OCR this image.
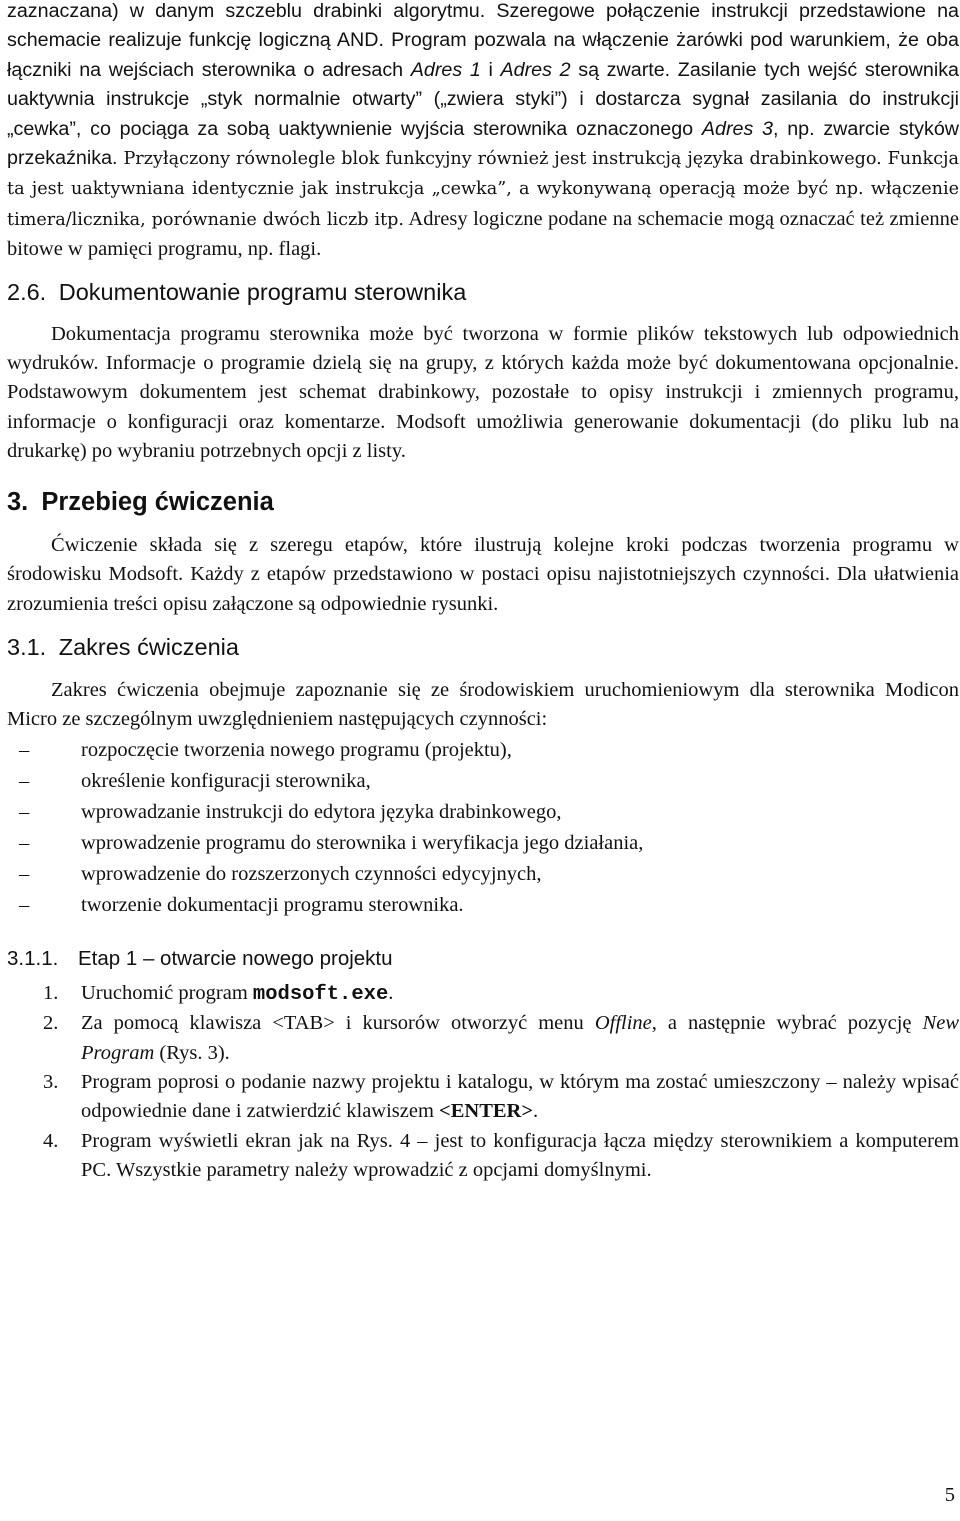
zaznaczana) w danym szczeblu drabinki algorytmu. Szeregowe połączenie instrukcji przedstawione na schemacie realizuje funkcję logiczną AND. Program pozwala na włączenie żarówki pod warunkiem, że oba łączniki na wejściach sterownika o adresach Adres 1 i Adres 2 są zwarte. Zasilanie tych wejść sterownika uaktywnia instrukcje „styk normalnie otwarty” („zwiera styki”) i dostarcza sygnał zasilania do instrukcji „cewka”, co pociąga za sobą uaktywnienie wyjścia sterownika oznaczonego Adres 3, np. zwarcie styków przekaźnika. Przyłączony równolegle blok funkcyjny również jest instrukcją języka drabinkowego. Funkcja ta jest uaktywniana identycznie jak instrukcja „cewka”, a wykonywaną operacją może być np. włączenie timera/licznika, porównanie dwóch liczb itp. Adresy logiczne podane na schemacie mogą oznaczać też zmienne bitowe w pamięci programu, np. flagi.

2.6. Dokumentowanie programu sterownika

Dokumentacja programu sterownika może być tworzona w formie plików tekstowych lub odpowiednich wydruków. Informacje o programie dzielą się na grupy, z których każda może być dokumentowana opcjonalnie. Podstawowym dokumentem jest schemat drabinkowy, pozostałe to opisy instrukcji i zmiennych programu, informacje o konfiguracji oraz komentarze. Modsoft umożliwia generowanie dokumentacji (do pliku lub na drukarkę) po wybraniu potrzebnych opcji z listy.

3. Przebieg ćwiczenia

Ćwiczenie składa się z szeregu etapów, które ilustrują kolejne kroki podczas tworzenia programu w środowisku Modsoft. Każdy z etapów przedstawiono w postaci opisu najistotniejszych czynności. Dla ułatwienia zrozumienia treści opisu załączone są odpowiednie rysunki.

3.1. Zakres ćwiczenia

Zakres ćwiczenia obejmuje zapoznanie się ze środowiskiem uruchomieniowym dla sterownika Modicon Micro ze szczególnym uwzględnieniem następujących czynności:

–	rozpoczęcie tworzenia nowego programu (projektu),
–	określenie konfiguracji sterownika,
–	wprowadzanie instrukcji do edytora języka drabinkowego,
–	wprowadzenie programu do sterownika i weryfikacja jego działania,
–	wprowadzenie do rozszerzonych czynności edycyjnych,
–	tworzenie dokumentacji programu sterownika.
3.1.1. Etap 1 – otwarcie nowego projektu
1. Uruchomić program modsoft.exe.
2. Za pomocą klawisza <TAB> i kursorów otworzyć menu Offline, a następnie wybrać pozycję New Program (Rys. 3).
3. Program poprosi o podanie nazwy projektu i katalogu, w którym ma zostać umieszczony – należy wpisać odpowiednie dane i zatwierdzić klawiszem <ENTER>.
4. Program wyświetli ekran jak na Rys. 4 – jest to konfiguracja łącza między sterownikiem a komputerem PC. Wszystkie parametry należy wprowadzić z opcjami domyślnymi.
5
